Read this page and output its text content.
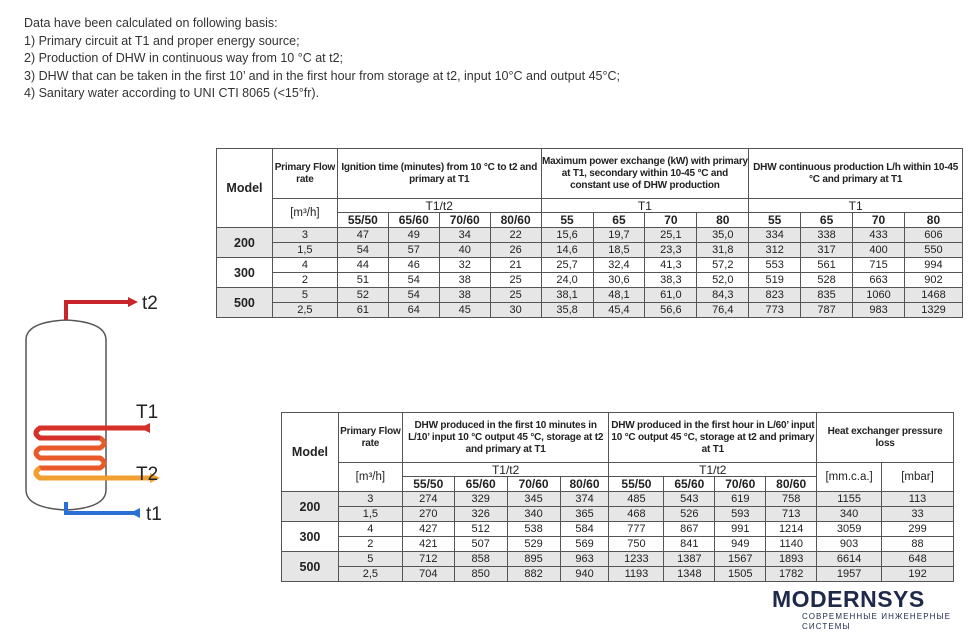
Data have been calculated on following basis:
1) Primary circuit at T1 and proper energy source;
2) Production of DHW in continuous way from 10 °C at t2;
3) DHW that can be taken in the first 10’ and in the first hour from storage at t2, input 10°C and output 45°C;
4) Sanitary water according to UNI CTI 8065 (<15°fr).
Model	Primary Flow rate	Ignition time (minutes) from 10 °C to t2 and primary at T1				Maximum power exchange (kW) with primary at T1, secondary within 10-45 °C and constant use of DHW production				DHW continuous production L/h within 10-45 °C and primary at T1			
	[m³/h]	T1/t2				T1				T1			
		55/50	65/60	70/60	80/60	55	65	70	80	55	65	70	80
200	3	47	49	34	22	15,6	19,7	25,1	35,0	334	338	433	606
	1,5	54	57	40	26	14,6	18,5	23,3	31,8	312	317	400	550
300	4	44	46	32	21	25,7	32,4	41,3	57,2	553	561	715	994
	2	51	54	38	25	24,0	30,6	38,3	52,0	519	528	663	902
500	5	52	54	38	25	38,1	48,1	61,0	84,3	823	835	1060	1468
	2,5	61	64	45	30	35,8	45,4	56,6	76,4	773	787	983	1329
Model	Primary Flow rate	DHW produced in the first 10 minutes in L/10’ input 10 °C output 45 °C, storage at t2 and primary at T1				DHW produced in the first hour in L/60’ input 10 °C output 45 °C, storage at t2 and primary at T1				Heat exchanger pressure loss	
	[m³/h]	T1/t2				T1/t2				[mm.c.a.]	[mbar]
		55/50	65/60	70/60	80/60	55/50	65/60	70/60	80/60		
200	3	274	329	345	374	485	543	619	758	1155	113
	1,5	270	326	340	365	468	526	593	713	340	33
300	4	427	512	538	584	777	867	991	1214	3059	299
	2	421	507	529	569	750	841	949	1140	903	88
500	5	712	858	895	963	1233	1387	1567	1893	6614	648
	2,5	704	850	882	940	1193	1348	1505	1782	1957	192
t2
T1
T2
t1
MODERNSYS
СОВРЕМЕННЫЕ ИНЖЕНЕРНЫЕ СИСТЕМЫ
